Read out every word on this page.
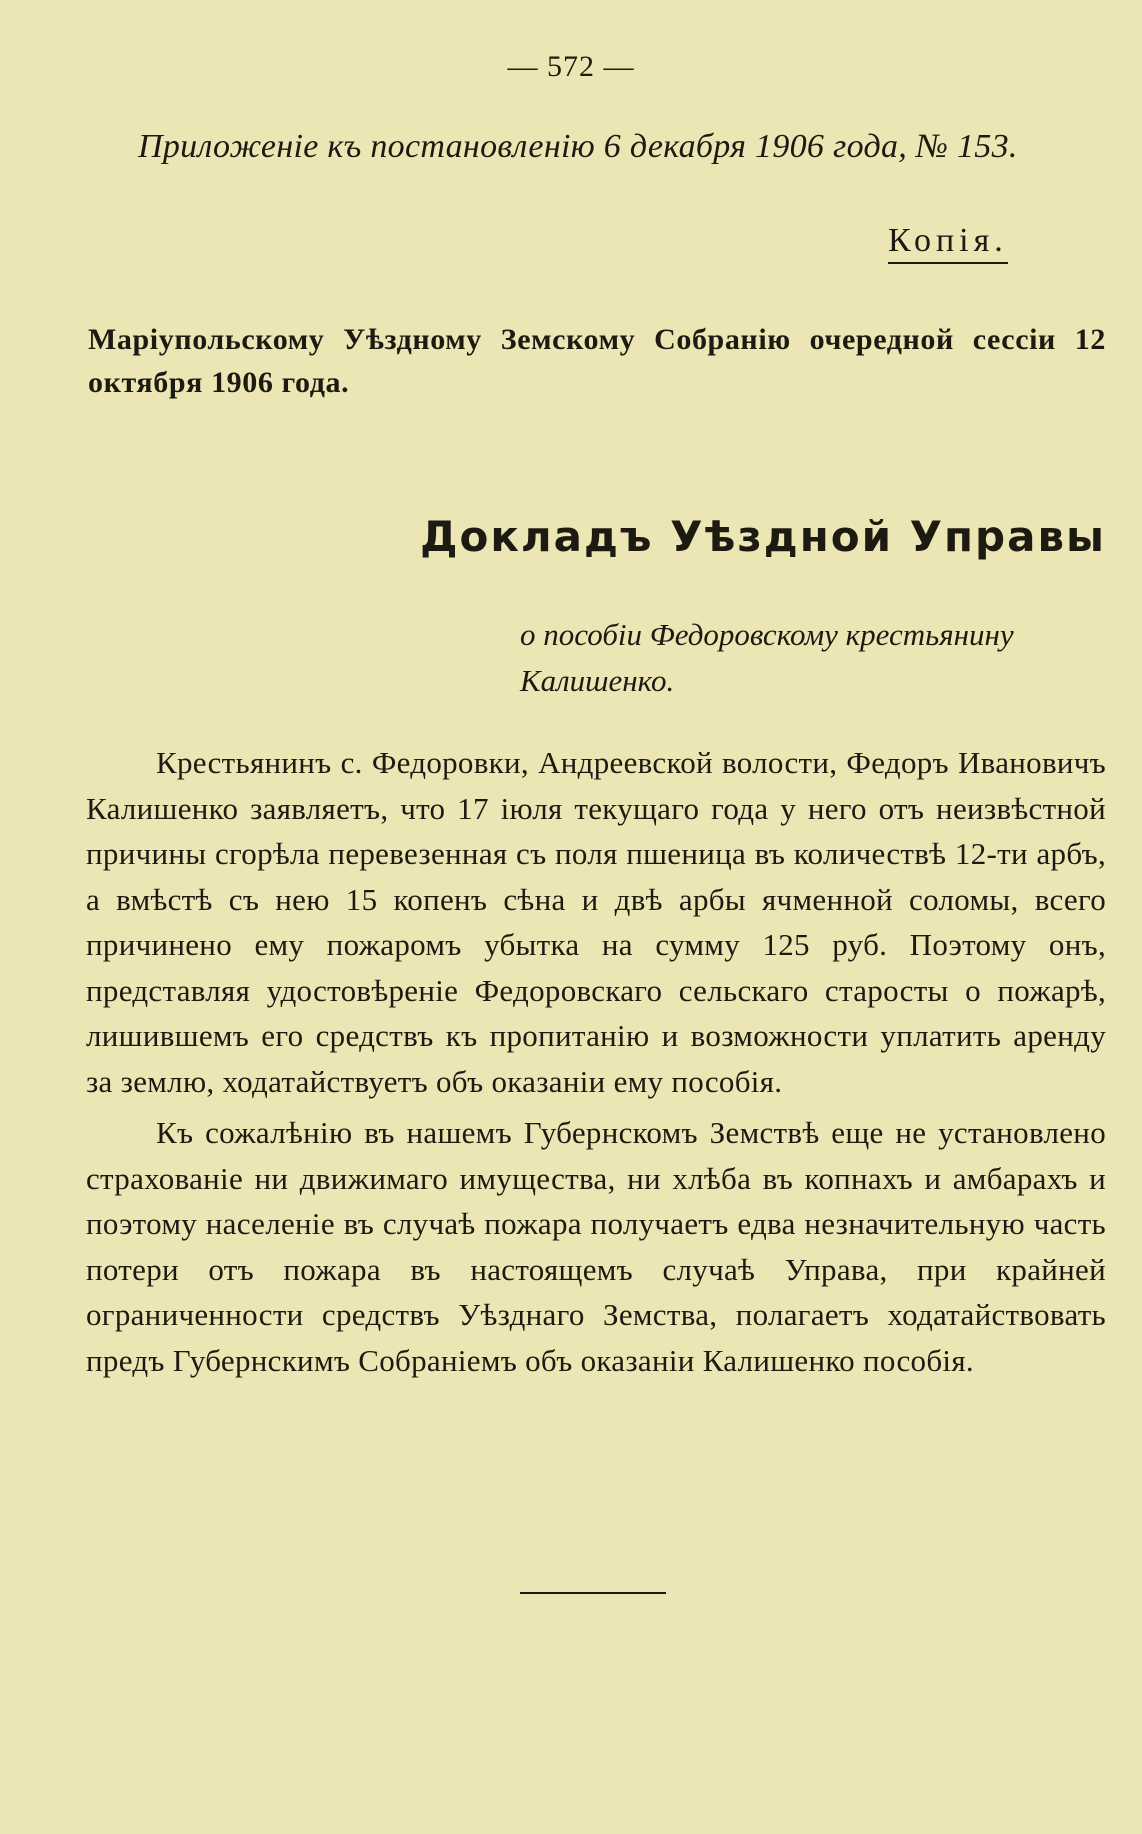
— 572 —
Приложеніе къ постановленію 6 декабря 1906 года, № 153.
Копія.
Маріупольскому Уѣздному Земскому Собранію очередной сессіи 12 октября 1906 года.
Докладъ Уѣздной Управы
о пособіи Федоровскому крестьянину Калишенко.

Крестьянинъ с. Федоровки, Андреевской волости, Федоръ Ивановичъ Калишенко заявляетъ, что 17 іюля текущаго года у него отъ неизвѣстной причины сгорѣла перевезенная съ поля пшеница въ количествѣ 12-ти арбъ, а вмѣстѣ съ нею 15 копенъ сѣна и двѣ арбы ячменной соломы, всего причинено ему пожаромъ убытка на сумму 125 руб. Поэтому онъ, представляя удостовѣреніе Федоровскаго сельскаго старосты о пожарѣ, лишившемъ его средствъ къ пропитанію и возможности уплатить аренду за землю, ходатайствуетъ объ оказаніи ему пособія.

Къ сожалѣнію въ нашемъ Губернскомъ Земствѣ еще не установлено страхованіе ни движимаго имущества, ни хлѣба въ копнахъ и амбарахъ и поэтому населеніе въ случаѣ пожара получаетъ едва незначительную часть потери отъ пожара въ настоящемъ случаѣ Управа, при крайней ограниченности средствъ Уѣзднаго Земства, полагаетъ ходатайствовать предъ Губернскимъ Собраніемъ объ оказаніи Калишенко пособія.
